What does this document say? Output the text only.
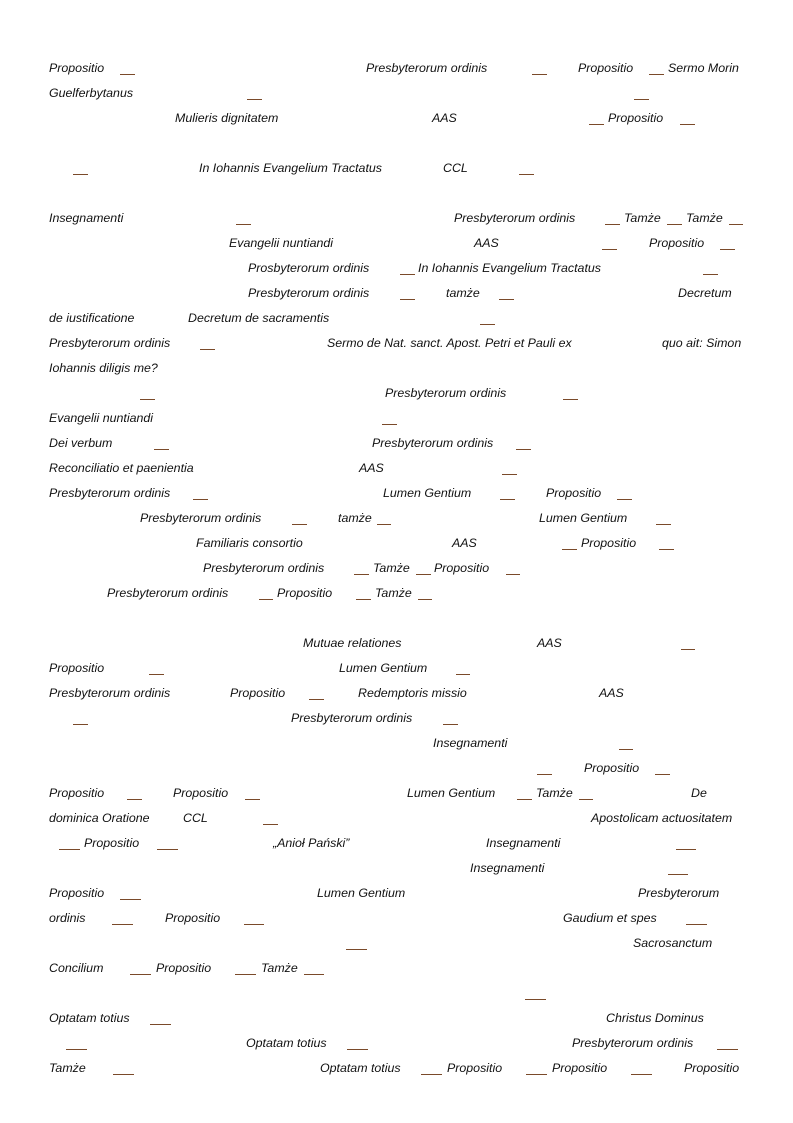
Propositio	Presbyterorum ordinis	Propositio	Sermo Morin
Guelferbytanus
Mulieris dignitatem	AAS	Propositio
In Iohannis Evangelium Tractatus	CCL
Insegnamenti	Presbyterorum ordinis	Tamże Tamże
Evangelii nuntiandi	AAS	Propositio
Prosbyterorum ordinis	In Iohannis Evangelium Tractatus
Presbyterorum ordinis	tamże	Decretum
de iustificatione	Decretum de sacramentis
Presbyterorum ordinis	Sermo de Nat. sanct. Apost. Petri et Pauli ex	quo ait: Simon
Iohannis diligis me?
Presbyterorum ordinis
Evangelii nuntiandi
Dei verbum	Presbyterorum ordinis
Reconciliatio et paenientia	AAS
Presbyterorum ordinis	Lumen Gentium	Propositio
Presbyterorum ordinis	tamże	Lumen Gentium
Familiaris consortio	AAS	Propositio
Presbyterorum ordinis	Tamże Propositio
Presbyterorum ordinis	Propositio	Tamże
Mutuae relationes	AAS
Propositio	Lumen Gentium
Presbyterorum ordinis	Propositio	Redemptoris missio	AAS
Presbyterorum ordinis
Insegnamenti
Propositio
Propositio	Propositio	Lumen Gentium	Tamże	De
dominica Oratione	CCL	Apostolicam actuositatem
Propositio	„Anioł Pański”	Insegnamenti
Insegnamenti
Propositio	Lumen Gentium	Presbyterorum
ordinis	Propositio	Gaudium et spes
Sacrosanctum
Concilium	Propositio	Tamże
Optatam totius	Christus Dominus
Optatam totius	Presbyterorum ordinis
Tamże	Optatam totius	Propositio	Propositio	Propositio
